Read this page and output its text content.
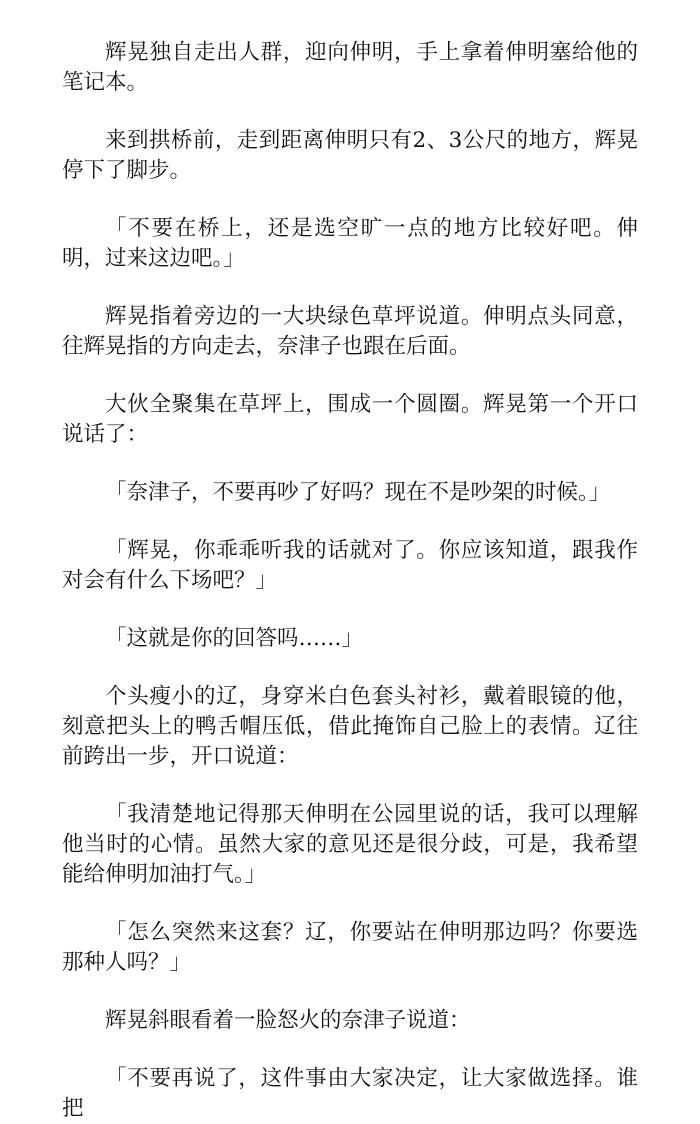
辉晃独自走出人群，迎向伸明，手上拿着伸明塞给他的笔记本。

来到拱桥前，走到距离伸明只有2、3公尺的地方，辉晃停下了脚步。

「不要在桥上，还是选空旷一点的地方比较好吧。伸明，过来这边吧。」

辉晃指着旁边的一大块绿色草坪说道。伸明点头同意，往辉晃指的方向走去，奈津子也跟在后面。

大伙全聚集在草坪上，围成一个圆圈。辉晃第一个开口说话了：

「奈津子，不要再吵了好吗？现在不是吵架的时候。」

「辉晃，你乖乖听我的话就对了。你应该知道，跟我作对会有什么下场吧？」

「这就是你的回答吗……」

个头瘦小的辽，身穿米白色套头衬衫，戴着眼镜的他，刻意把头上的鸭舌帽压低，借此掩饰自己脸上的表情。辽往前跨出一步，开口说道：

「我清楚地记得那天伸明在公园里说的话，我可以理解他当时的心情。虽然大家的意见还是很分歧，可是，我希望能给伸明加油打气。」

「怎么突然来这套？辽，你要站在伸明那边吗？你要选那种人吗？」

辉晃斜眼看着一脸怒火的奈津子说道：

「不要再说了，这件事由大家决定，让大家做选择。谁把
